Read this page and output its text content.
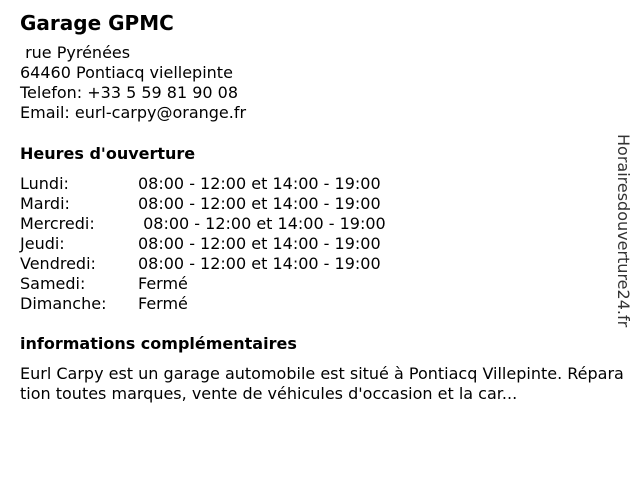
Garage GPMC
rue Pyrénées
64460 Pontiacq viellepinte
Telefon: +33 5 59 81 90 08
Email: eurl-carpy@orange.fr
Heures d'ouverture
Lundi:	08:00 - 12:00 et 14:00 - 19:00
Mardi:	08:00 - 12:00 et 14:00 - 19:00
Mercredi:	08:00 - 12:00 et 14:00 - 19:00
Jeudi:	08:00 - 12:00 et 14:00 - 19:00
Vendredi:	08:00 - 12:00 et 14:00 - 19:00
Samedi:	Fermé
Dimanche: Fermé
informations complémentaires
Eurl Carpy est un garage automobile est situé à Pontiacq Villepinte. Réparation toutes marques, vente de véhicules d'occasion et la car...
Horairesdouverture24.fr
